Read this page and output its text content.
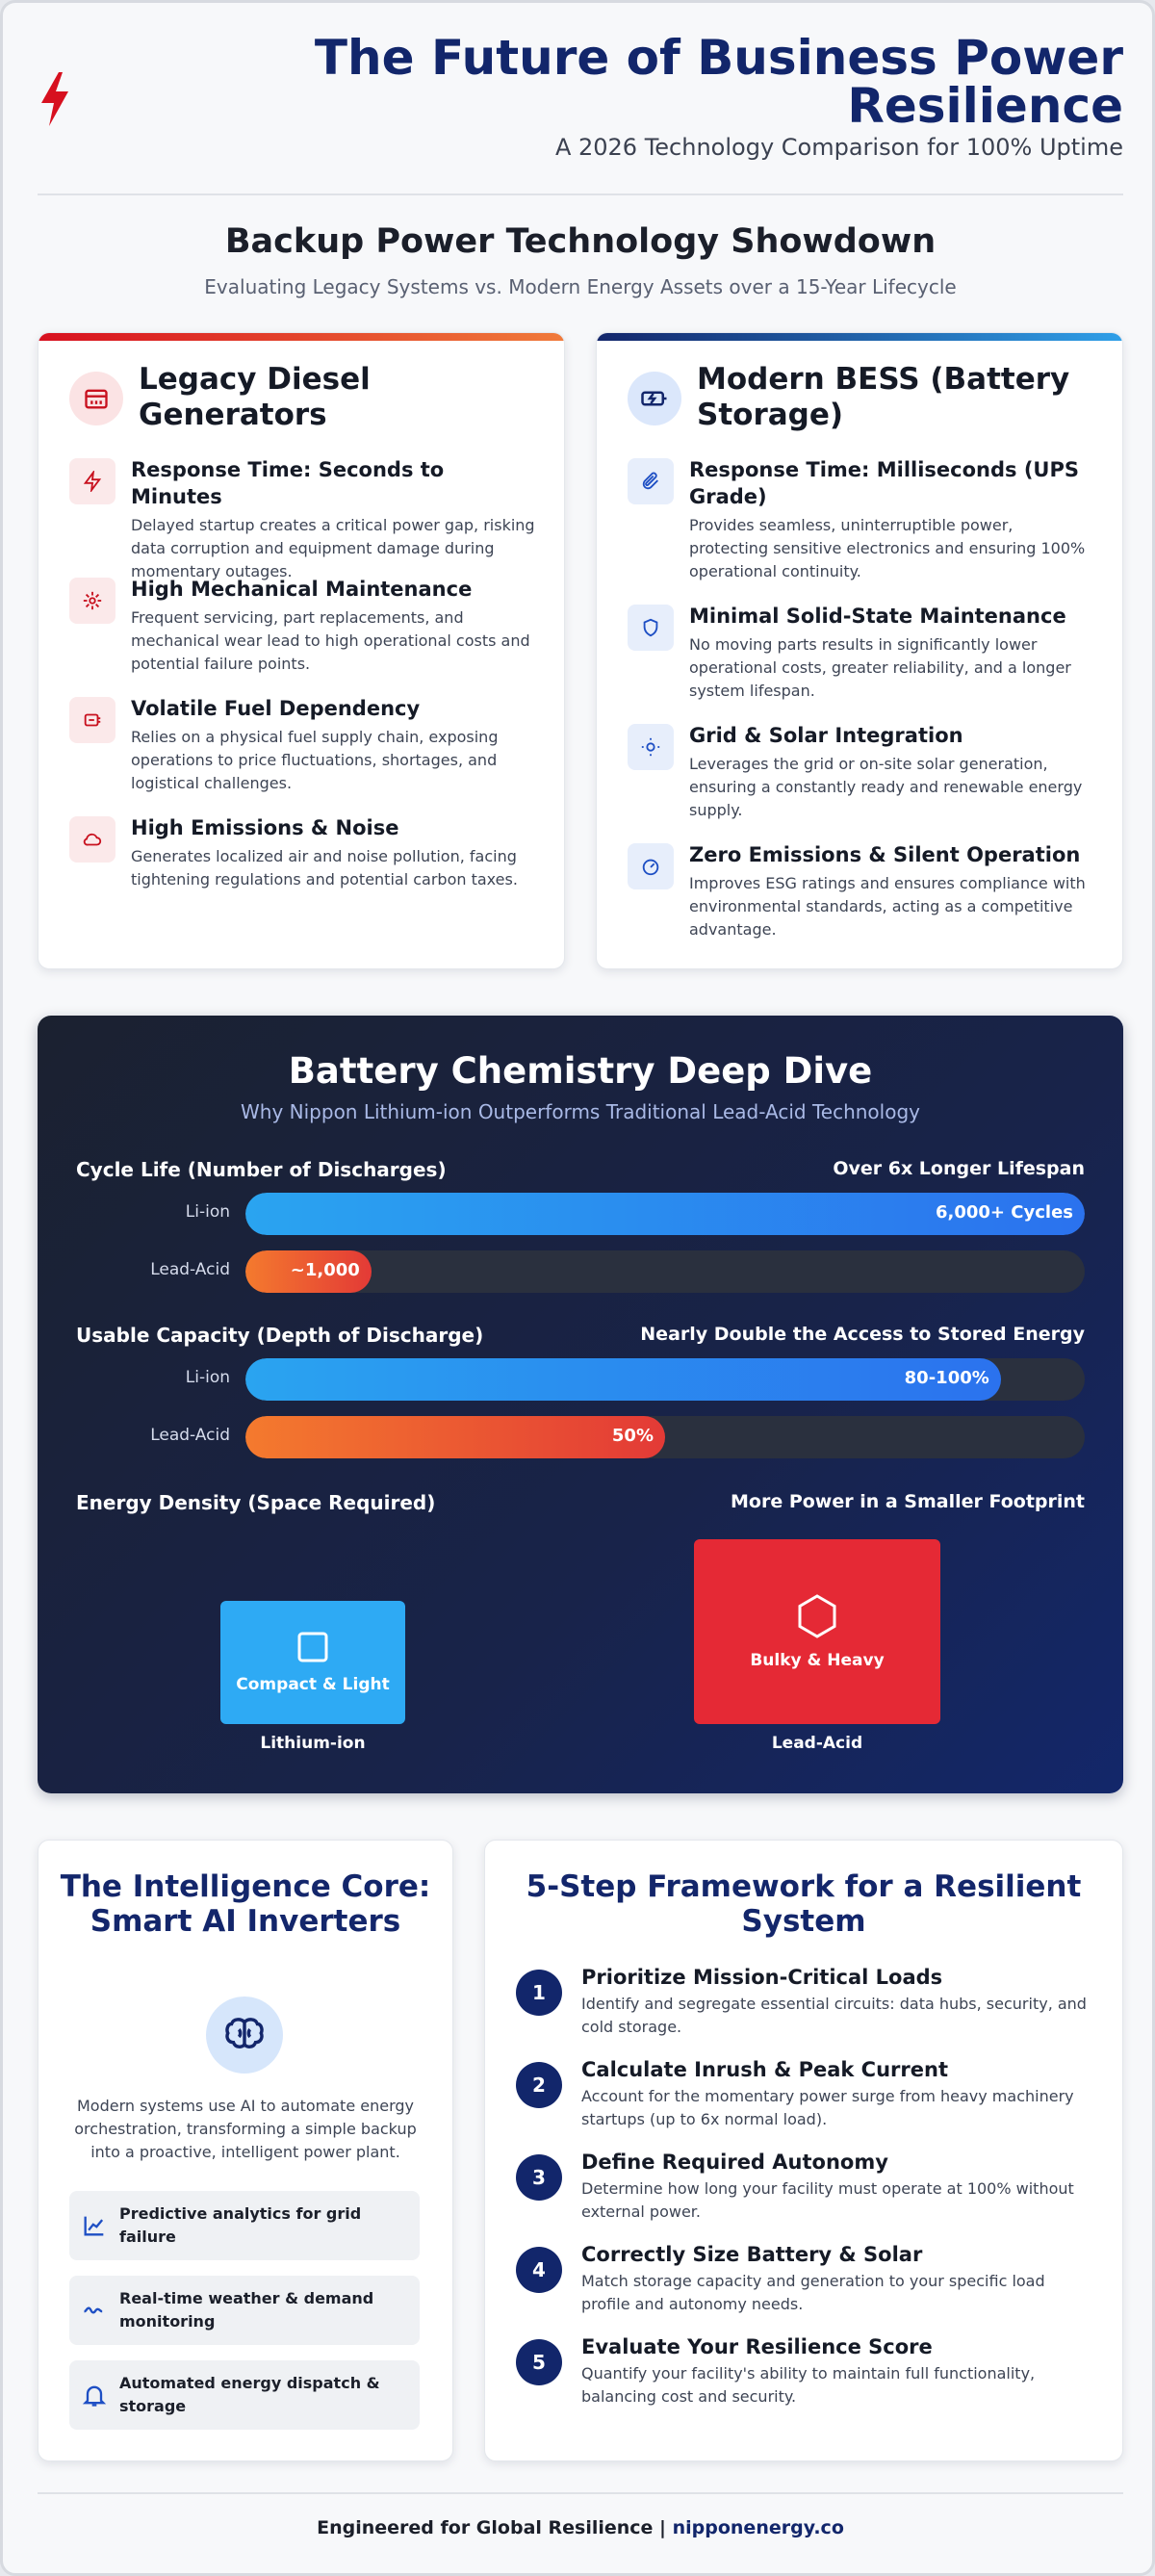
The Future of Business Power Resilience
A 2026 Technology Comparison for 100% Uptime
Backup Power Technology Showdown
Evaluating Legacy Systems vs. Modern Energy Assets over a 15-Year Lifecycle
Legacy Diesel Generators
Response Time: Seconds to Minutes
Delayed startup creates a critical power gap, risking data corruption and equipment damage during momentary outages.
High Mechanical Maintenance
Frequent servicing, part replacements, and mechanical wear lead to high operational costs and potential failure points.
Volatile Fuel Dependency
Relies on a physical fuel supply chain, exposing operations to price fluctuations, shortages, and logistical challenges.
High Emissions & Noise
Generates localized air and noise pollution, facing tightening regulations and potential carbon taxes.
Modern BESS (Battery Storage)
Response Time: Milliseconds (UPS Grade)
Provides seamless, uninterruptible power, protecting sensitive electronics and ensuring 100% operational continuity.
Minimal Solid-State Maintenance
No moving parts results in significantly lower operational costs, greater reliability, and a longer system lifespan.
Grid & Solar Integration
Leverages the grid or on-site solar generation, ensuring a constantly ready and renewable energy supply.
Zero Emissions & Silent Operation
Improves ESG ratings and ensures compliance with environmental standards, acting as a competitive advantage.
Battery Chemistry Deep Dive
Why Nippon Lithium-ion Outperforms Traditional Lead-Acid Technology
Cycle Life (Number of Discharges)	Over 6x Longer Lifespan
Li-ion	6,000+ Cycles
Lead-Acid	~1,000
Usable Capacity (Depth of Discharge)	Nearly Double the Access to Stored Energy
Li-ion	80-100%
Lead-Acid	50%
Energy Density (Space Required)	More Power in a Smaller Footprint
Compact & Light
Lithium-ion
Bulky & Heavy
Lead-Acid
The Intelligence Core: Smart AI Inverters
Modern systems use AI to automate energy orchestration, transforming a simple backup into a proactive, intelligent power plant.
Predictive analytics for grid failure
Real-time weather & demand monitoring
Automated energy dispatch & storage
5-Step Framework for a Resilient System
1
Prioritize Mission-Critical Loads
Identify and segregate essential circuits: data hubs, security, and cold storage.
2
Calculate Inrush & Peak Current
Account for the momentary power surge from heavy machinery startups (up to 6x normal load).
3
Define Required Autonomy
Determine how long your facility must operate at 100% without external power.
4
Correctly Size Battery & Solar
Match storage capacity and generation to your specific load profile and autonomy needs.
5
Evaluate Your Resilience Score
Quantify your facility's ability to maintain full functionality, balancing cost and security.
Engineered for Global Resilience | nipponenergy.co
